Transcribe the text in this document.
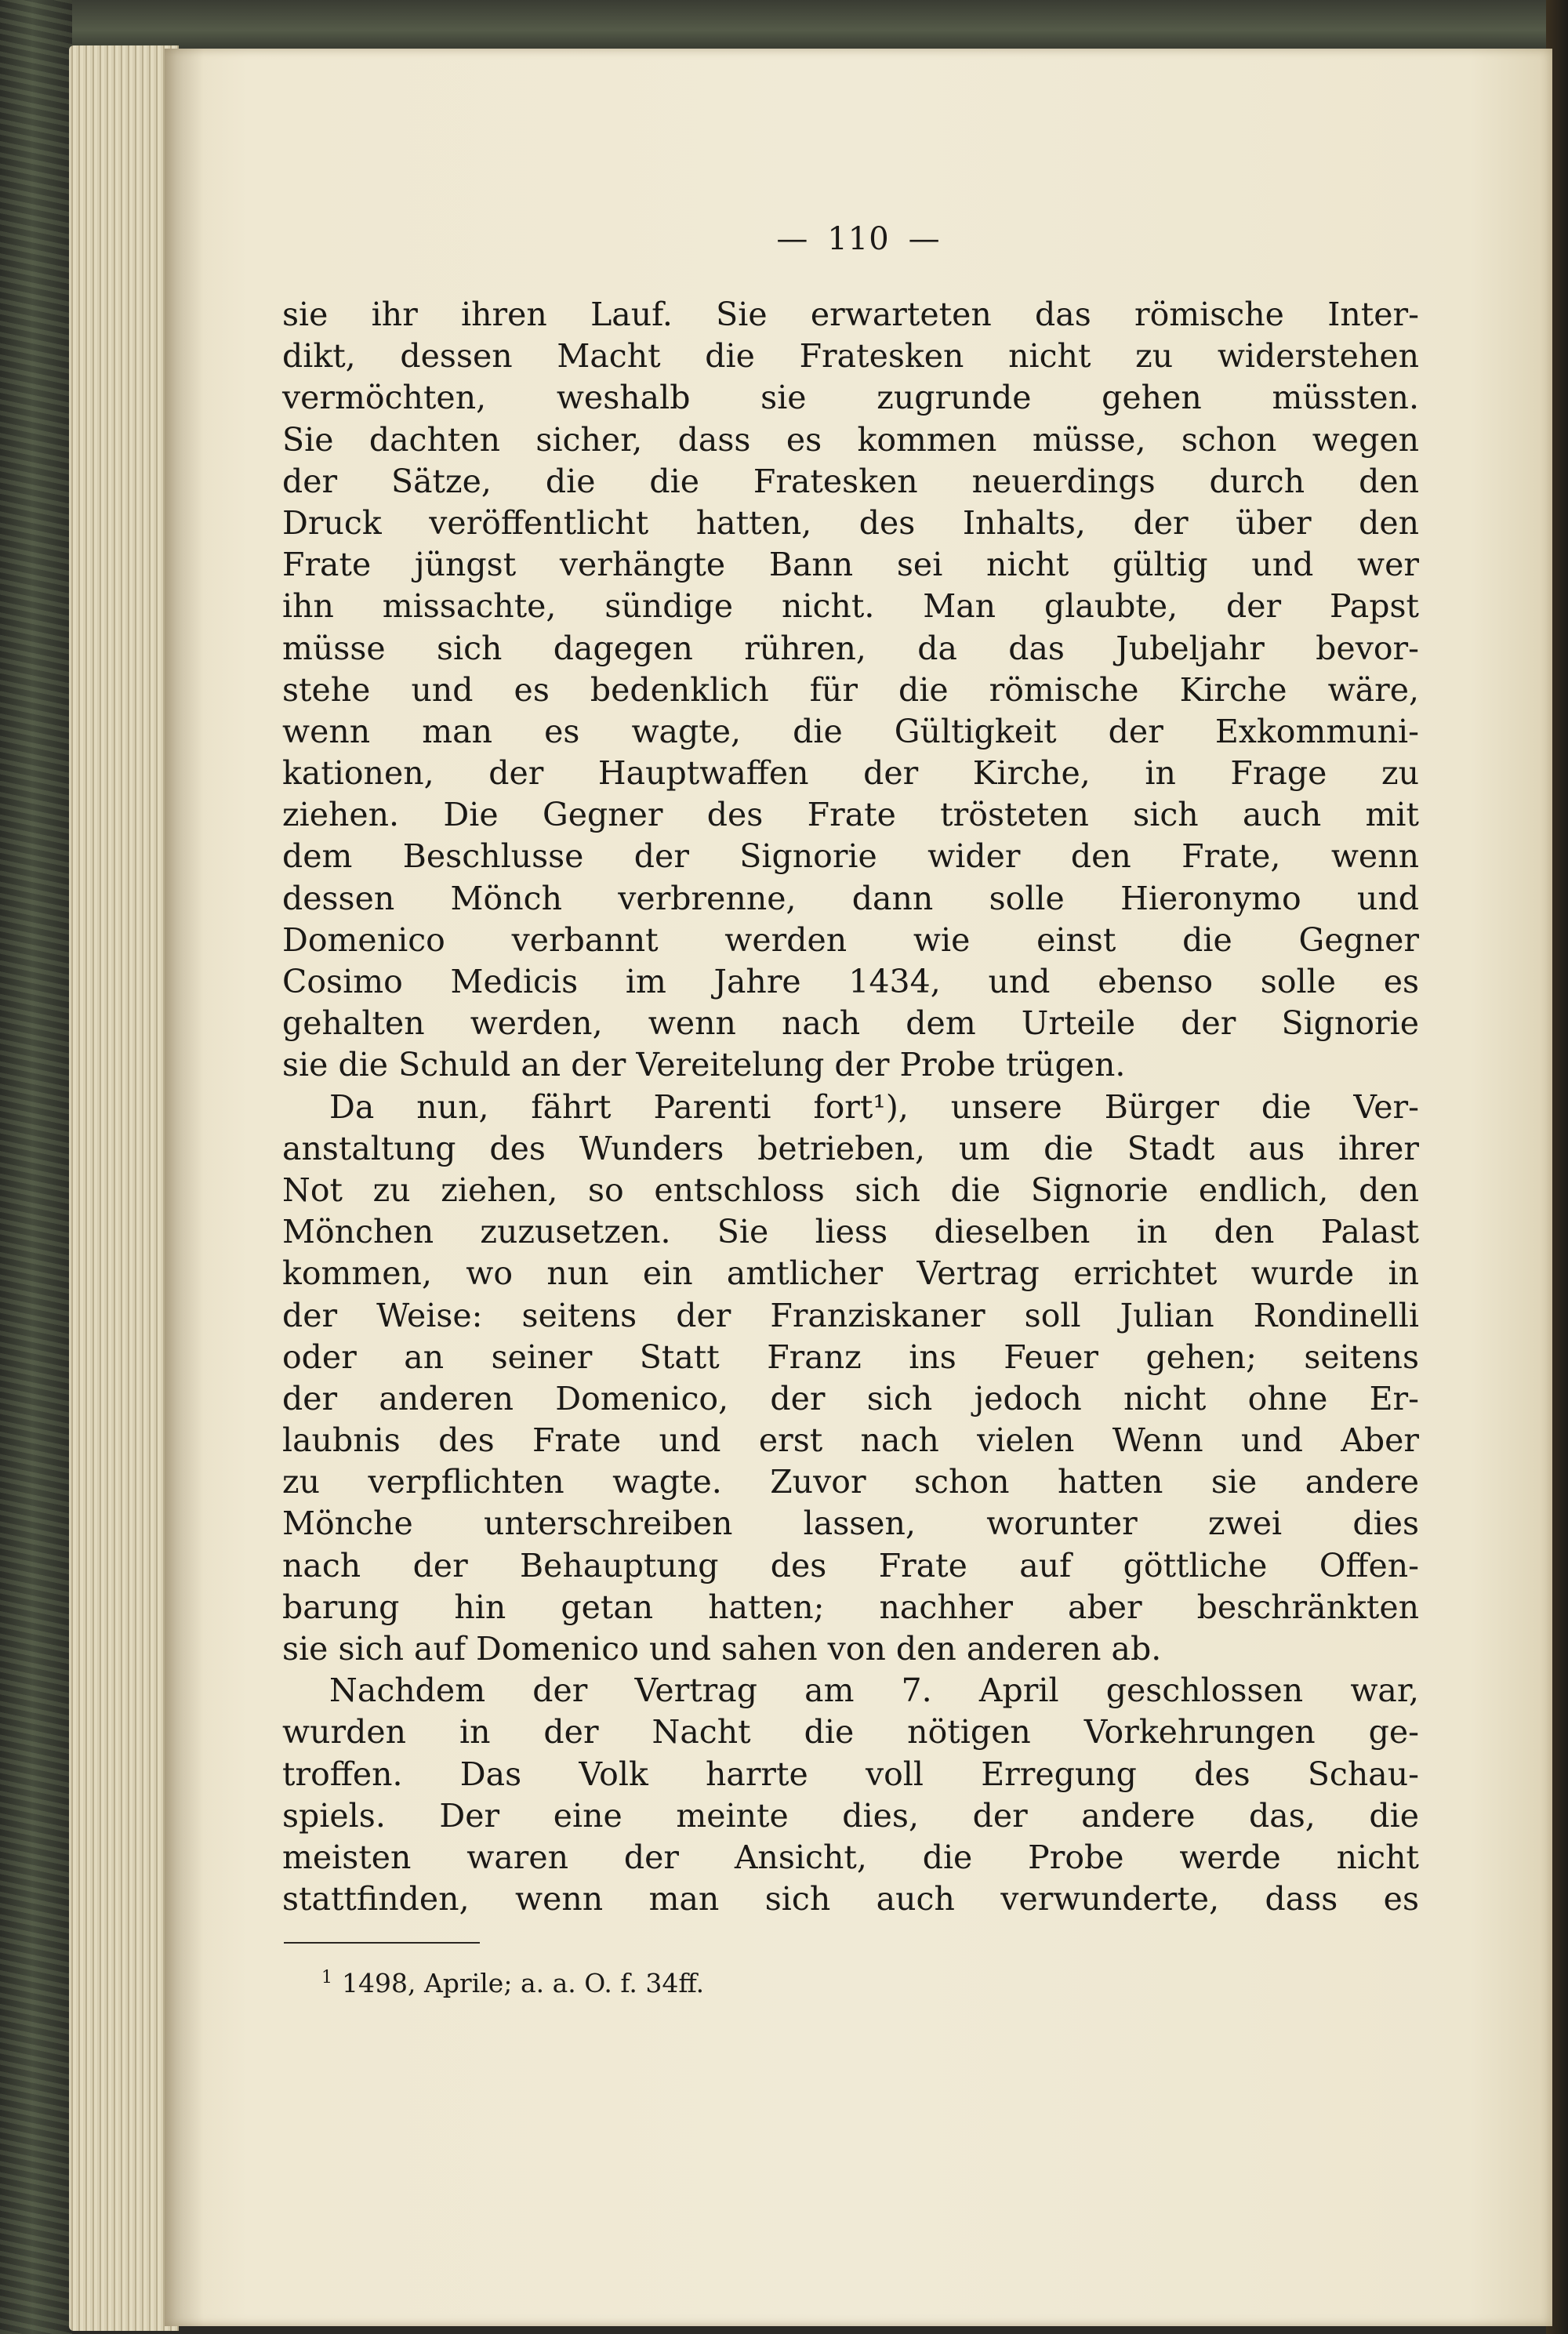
— 110 —
sie ihr ihren Lauf. Sie erwarteten das römische Inter-
dikt, dessen Macht die Fratesken nicht zu widerstehen
vermöchten, weshalb sie zugrunde gehen müssten.
Sie dachten sicher, dass es kommen müsse, schon wegen
der Sätze, die die Fratesken neuerdings durch den
Druck veröffentlicht hatten, des Inhalts, der über den
Frate jüngst verhängte Bann sei nicht gültig und wer
ihn missachte, sündige nicht. Man glaubte, der Papst
müsse sich dagegen rühren, da das Jubeljahr bevor-
stehe und es bedenklich für die römische Kirche wäre,
wenn man es wagte, die Gültigkeit der Exkommuni-
kationen, der Hauptwaffen der Kirche, in Frage zu
ziehen. Die Gegner des Frate trösteten sich auch mit
dem Beschlusse der Signorie wider den Frate, wenn
dessen Mönch verbrenne, dann solle Hieronymo und
Domenico verbannt werden wie einst die Gegner
Cosimo Medicis im Jahre 1434, und ebenso solle es
gehalten werden, wenn nach dem Urteile der Signorie
sie die Schuld an der Vereitelung der Probe trügen.
Da nun, fährt Parenti fort¹), unsere Bürger die Ver-
anstaltung des Wunders betrieben, um die Stadt aus ihrer
Not zu ziehen, so entschloss sich die Signorie endlich, den
Mönchen zuzusetzen. Sie liess dieselben in den Palast
kommen, wo nun ein amtlicher Vertrag errichtet wurde in
der Weise: seitens der Franziskaner soll Julian Rondinelli
oder an seiner Statt Franz ins Feuer gehen; seitens
der anderen Domenico, der sich jedoch nicht ohne Er-
laubnis des Frate und erst nach vielen Wenn und Aber
zu verpflichten wagte. Zuvor schon hatten sie andere
Mönche unterschreiben lassen, worunter zwei dies
nach der Behauptung des Frate auf göttliche Offen-
barung hin getan hatten; nachher aber beschränkten
sie sich auf Domenico und sahen von den anderen ab.
Nachdem der Vertrag am 7. April geschlossen war,
wurden in der Nacht die nötigen Vorkehrungen ge-
troffen. Das Volk harrte voll Erregung des Schau-
spiels. Der eine meinte dies, der andere das, die
meisten waren der Ansicht, die Probe werde nicht
stattfinden, wenn man sich auch verwunderte, dass es
$^1$ 1498, Aprile; a. a. O. f. 34ff.
